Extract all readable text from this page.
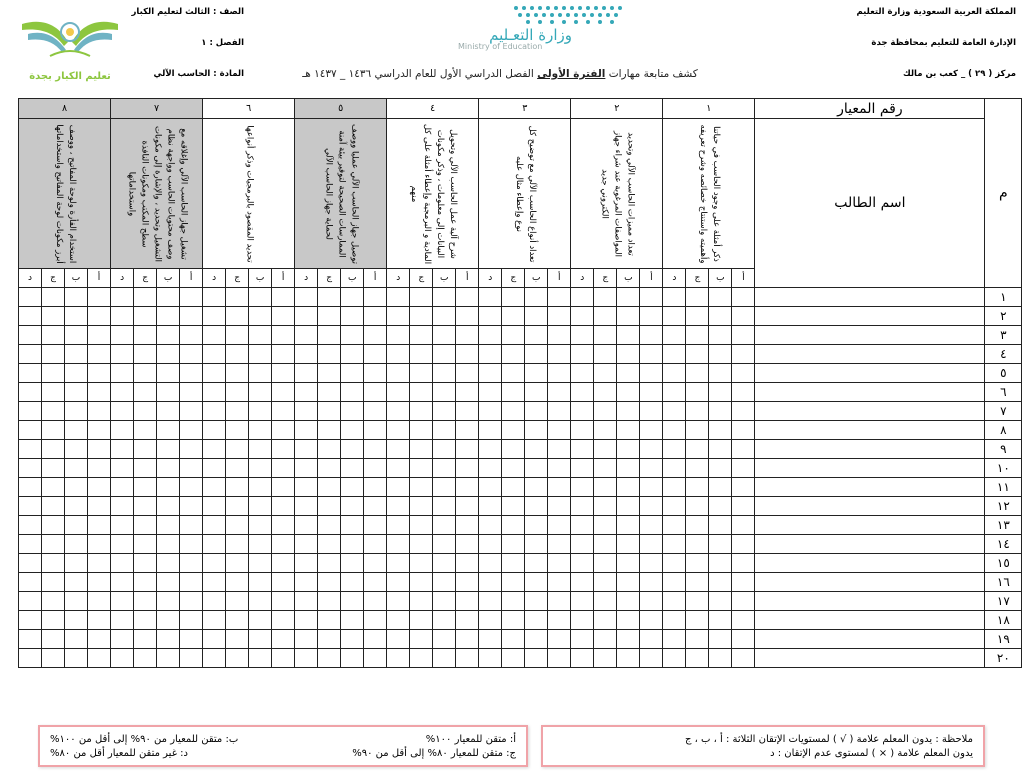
المملكة العربية السعودية وزارة التعليم
الإدارة العامة للتعليم بمحافظة جدة
مركز ( ٢٩ ) _ كعب بن مالك
وزارة التعـليم
Ministry of Education
الصف : الثالث لتعليم الكبار
الفصل : ١
المادة : الحاسب الآلي
تعليم الكبار بجدة	كشف متابعة مهارات الفترة الأولى الفصل الدراسي الأول للعام الدراسي ١٤٣٦ _ ١٤٣٧ هـ
م	رقم المعيار	١				٢				٣				٤				٥				٦				٧				٨			
	اسم الطالب	ذكر أمثلة على وجود الحاسب في حياتنا وأهميته واستنتاج خصائصه وشرح تعريفه				تعداد مميزات الحاسب الآلي وتحديد المواصفات المرغوبة عند شراء جهاز الكتروني جديد				تعداد أنواع الحاسب الآلي مع توضيح كل نوع وإعطاء مثال عليه				شرح آلية عمل الحاسب الآلي وتحويل البيانات إلى معلومات ، وذكر مكونات المادية و البرمجية وإعطاء أمثلة على كل منهم				توصيل جهاز الحاسب الآلي عمليا ووصف الممارسات الصحيحة لتوفير بيئة آمنة لحماية جهاز الحاسب الآلي				تحديد المقصود بالبرمجيات وذكر أنواعها				تشغيل جهاز الحاسب الآلي وإغلاقه مع وصف محتويات الحاسب وواجهة نظام التشغيل وتحديد ، والإشارة إلى مكونات سطح المكتب ومكونات النافذة واستخداماتها				استخدام الفأرة ولوحة المفاتيح ، ووصف أبرز مكونات لوحة المفاتيح واستخداماتها			

		أ	ب	ج	د	أ	ب	ج	د	أ	ب	ج	د	أ	ب	ج	د	أ	ب	ج	د	أ	ب	ج	د	أ	ب	ج	د	أ	ب	ج	د
١																																	
٢																																	
٣																																	
٤																																	
٥																																	
٦																																	
٧																																	
٨																																	
٩																																	
١٠																																	
١١																																	
١٢																																	
١٣																																	
١٤																																	
١٥																																	
١٦																																	
١٧																																	
١٨																																	
١٩																																	
٢٠																																	
ملاحظة : يدون المعلم علامة ( √ ) لمستويات الإتقان الثلاثة : أ ، ب ، ج
يدون المعلم علامة ( × ) لمستوى عدم الإتقان : د
أ: متقن للمعيار ١٠٠%
ب: متقن للمعيار من ٩٠% إلى أقل من ١٠٠%
ج: متقن للمعيار ٨٠% إلى أقل من ٩٠%
د: غير متقن للمعيار أقل من ٨٠%
